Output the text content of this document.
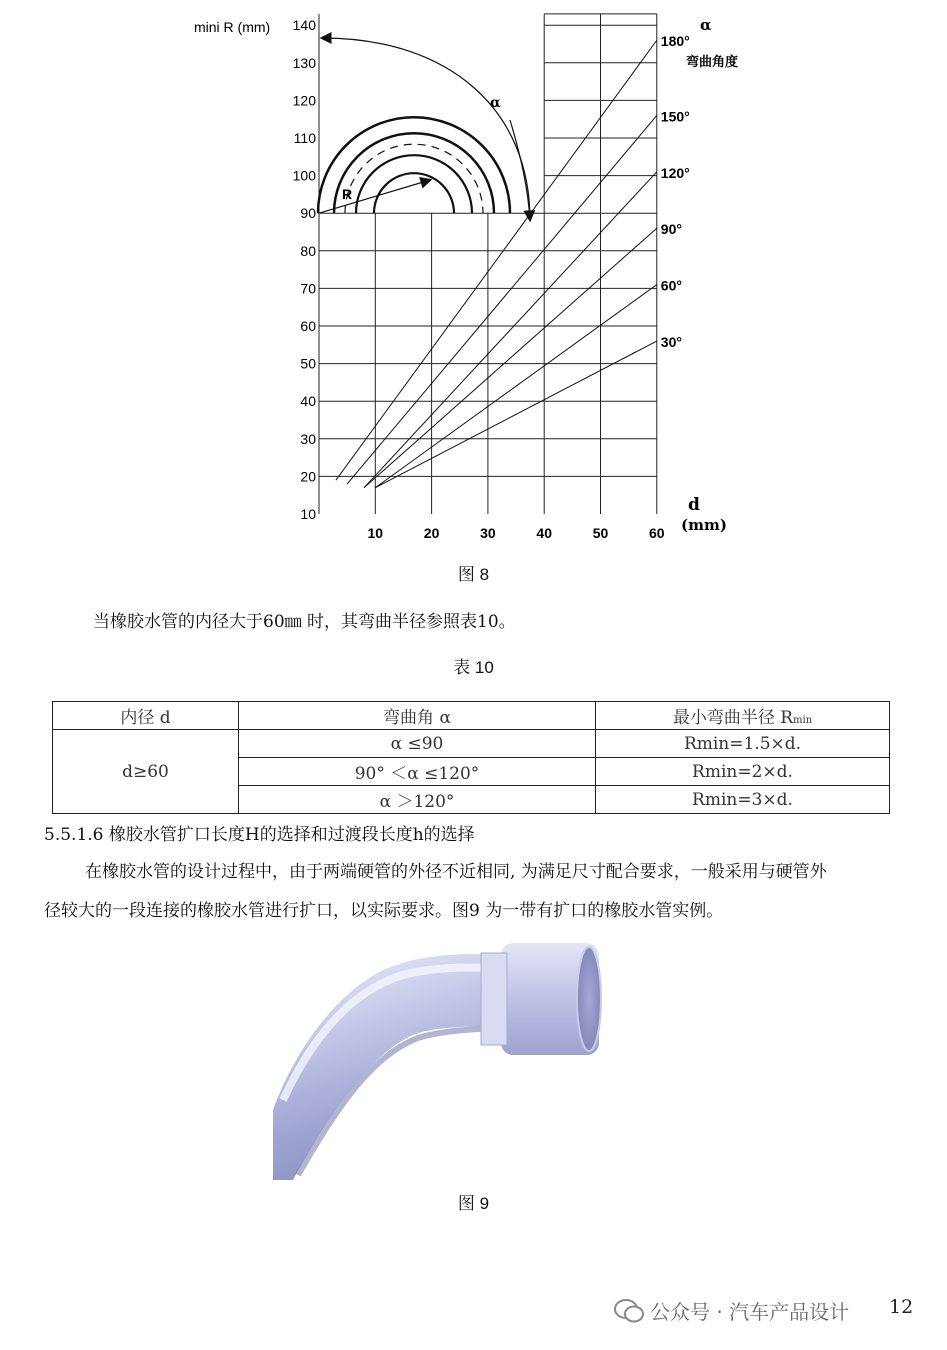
mini R (mm) 140
130
120
110
100
90
80
70
60
50
40
30
20
10
10	20	30	40	50	60
180°
150°
120°
90°
60°
30°
α
弯曲角度
d
(mm)
α
R
图 8
当橡胶水管的内径大于60㎜ 时，其弯曲半径参照表10。
表 10
内径 d	弯曲角 α	最小弯曲半径 Rmin
d≥60	α ≤90	Rmin=1.5×d.
	90° ＜α ≤120°	Rmin=2×d.
	α ＞120°	Rmin=3×d.
5.5.1.6 橡胶水管扩口长度H的选择和过渡段长度h的选择
在橡胶水管的设计过程中，由于两端硬管的外径不近相同, 为满足尺寸配合要求，一般采用与硬管外
径较大的一段连接的橡胶水管进行扩口，以实际要求。图9 为一带有扩口的橡胶水管实例。
图 9
公众号 · 汽车产品设计 12
